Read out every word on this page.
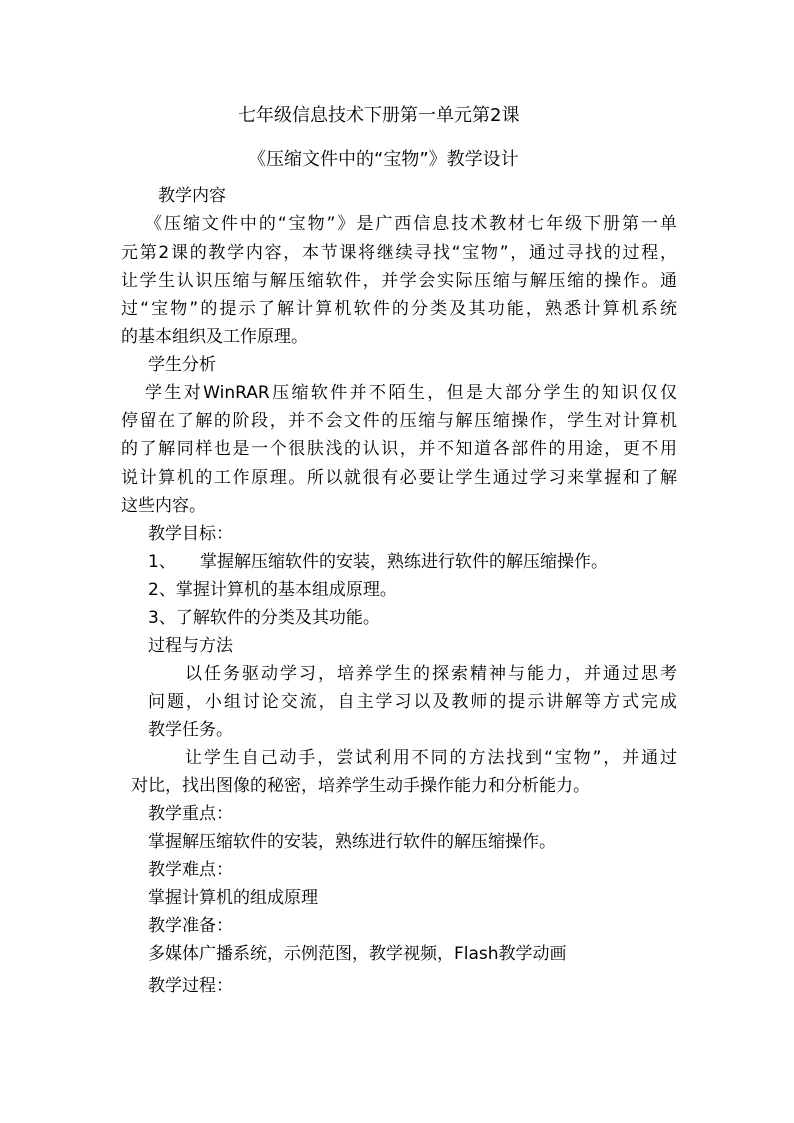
七年级信息技术下册第一单元第2课
《压缩文件中的“宝物”》教学设计
教学内容
《压缩文件中的“宝物”》是广西信息技术教材七年级下册第一单
元第2课的教学内容，本节课将继续寻找“宝物”，通过寻找的过程，
让学生认识压缩与解压缩软件，并学会实际压缩与解压缩的操作。通
过“宝物”的提示了解计算机软件的分类及其功能，熟悉计算机系统
的基本组织及工作原理。
学生分析
学生对WinRAR压缩软件并不陌生，但是大部分学生的知识仅仅
停留在了解的阶段，并不会文件的压缩与解压缩操作，学生对计算机
的了解同样也是一个很肤浅的认识，并不知道各部件的用途，更不用
说计算机的工作原理。所以就很有必要让学生通过学习来掌握和了解
这些内容。
教学目标：
1、 掌握解压缩软件的安装，熟练进行软件的解压缩操作。
2、掌握计算机的基本组成原理。
3、了解软件的分类及其功能。
过程与方法
以任务驱动学习，培养学生的探索精神与能力，并通过思考
问题，小组讨论交流，自主学习以及教师的提示讲解等方式完成
教学任务。
让学生自己动手，尝试利用不同的方法找到“宝物”，并通过
对比，找出图像的秘密，培养学生动手操作能力和分析能力。
教学重点：
掌握解压缩软件的安装，熟练进行软件的解压缩操作。
教学难点：
掌握计算机的组成原理
教学准备：
多媒体广播系统，示例范图，教学视频，Flash教学动画
教学过程：
